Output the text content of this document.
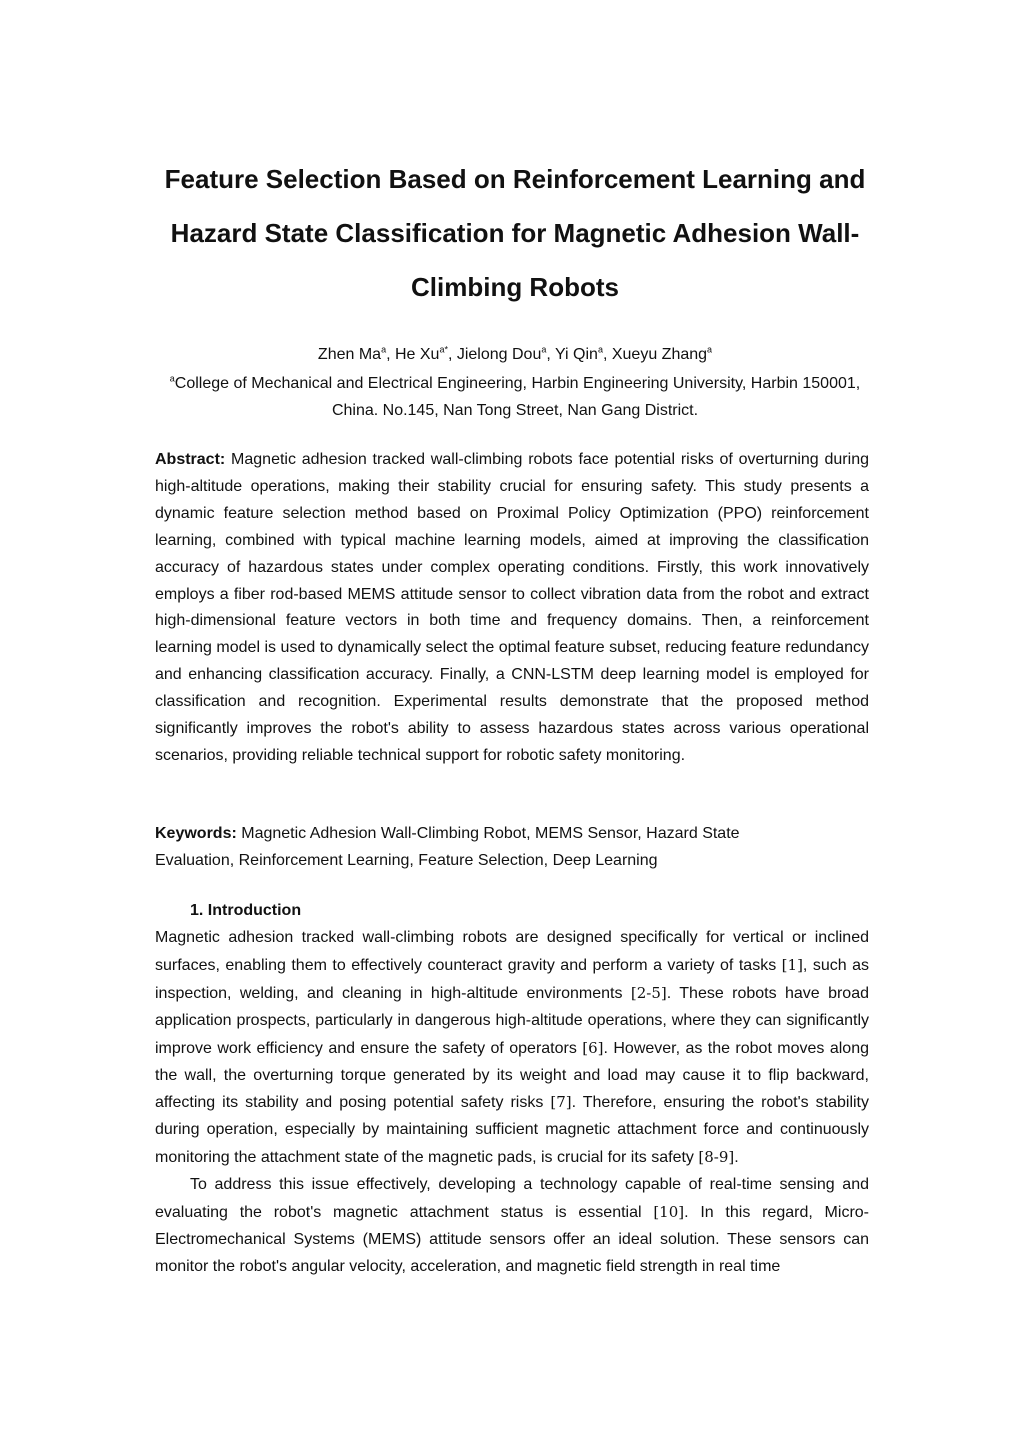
Feature Selection Based on Reinforcement Learning and Hazard State Classification for Magnetic Adhesion Wall-Climbing Robots
Zhen Ma$^a$, He $Xu^{a*}$, Jielong Dou$^a$, Yi Qin$^a$, Xueyu Zhang$^a$
$^a$College of Mechanical and Electrical Engineering, Harbin Engineering University, Harbin 150001, China. No.145, Nan Tong Street, Nan Gang District.

Abstract: Magnetic adhesion tracked wall-climbing robots face potential risks of overturning during high-altitude operations, making their stability crucial for ensuring safety. This study presents a dynamic feature selection method based on Proximal Policy Optimization (PPO) reinforcement learning, combined with typical machine learning models, aimed at improving the classification accuracy of hazardous states under complex operating conditions. Firstly, this work innovatively employs a fiber rod-based MEMS attitude sensor to collect vibration data from the robot and extract high-dimensional feature vectors in both time and frequency domains. Then, a reinforcement learning model is used to dynamically select the optimal feature subset, reducing feature redundancy and enhancing classification accuracy. Finally, a CNN-LSTM deep learning model is employed for classification and recognition. Experimental results demonstrate that the proposed method significantly improves the robot's ability to assess hazardous states across various operational scenarios, providing reliable technical support for robotic safety monitoring.

Keywords: Magnetic Adhesion Wall-Climbing Robot, MEMS Sensor, Hazard State Evaluation, Reinforcement Learning, Feature Selection, Deep Learning

1. Introduction

Magnetic adhesion tracked wall-climbing robots are designed specifically for vertical or inclined surfaces, enabling them to effectively counteract gravity and perform a variety of tasks [1], such as inspection, welding, and cleaning in high-altitude environments [2-5]. These robots have broad application prospects, particularly in dangerous high-altitude operations, where they can significantly improve work efficiency and ensure the safety of operators [6]. However, as the robot moves along the wall, the overturning torque generated by its weight and load may cause it to flip backward, affecting its stability and posing potential safety risks [7]. Therefore, ensuring the robot's stability during operation, especially by maintaining sufficient magnetic attachment force and continuously monitoring the attachment state of the magnetic pads, is crucial for its safety [8-9].

To address this issue effectively, developing a technology capable of real-time sensing and evaluating the robot's magnetic attachment status is essential [10]. In this regard, Micro-Electromechanical Systems (MEMS) attitude sensors offer an ideal solution. These sensors can monitor the robot's angular velocity, acceleration, and magnetic field strength in real time
